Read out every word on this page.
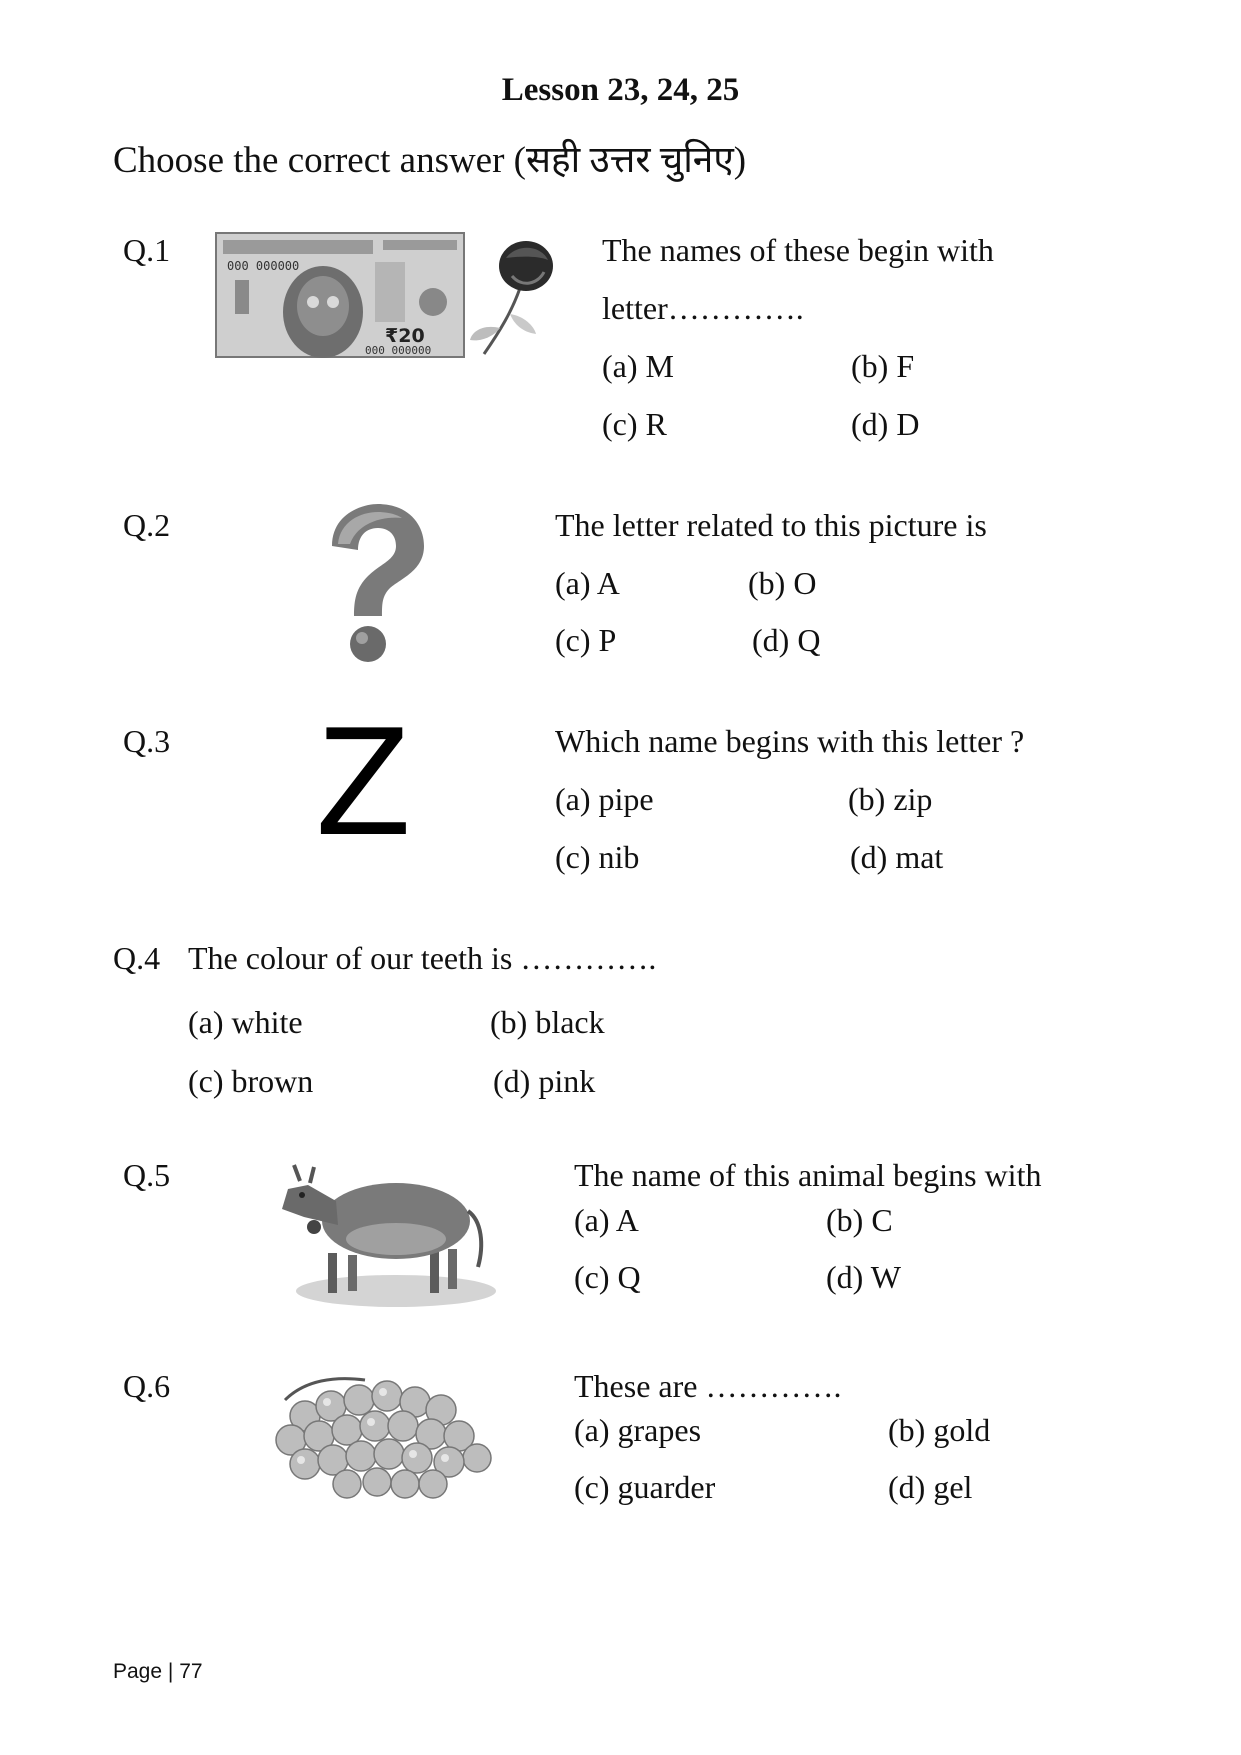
Lesson 23, 24, 25
Choose the correct answer (सही उत्तर चुनिए)
Q.1	000 000000
₹20
000 000000
The names of these begin with
letter………….
(a) M	(b) F
(c) R	(d) D
Q.2	The letter related to this picture is
(a) A	(b) O
(c) P	(d) Q
Q.3 Z	Which name begins with this letter ?
(a) pipe	(b) zip
(c) nib	(d) mat
Q.4 The colour of our teeth is ………….
(a) white	(b) black
(c) brown	(d) pink
Q.5	The name of this animal begins with
(a) A	(b) C
(c) Q	(d) W
Q.6	These are ………….
(a) grapes	(b) gold
(c) guarder	(d) gel
Page | 77
